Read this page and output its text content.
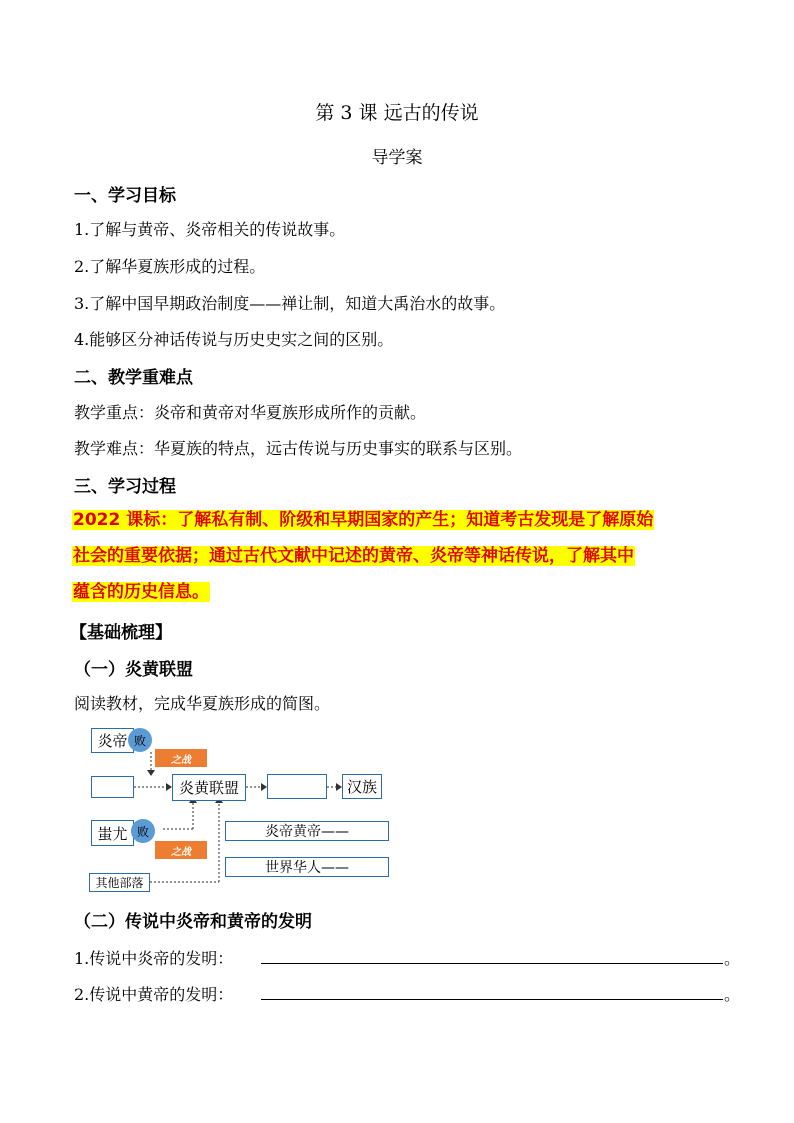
第 3 课 远古的传说
导学案
一、学习目标
1.了解与黄帝、炎帝相关的传说故事。
2.了解华夏族形成的过程。
3.了解中国早期政治制度——禅让制，知道大禹治水的故事。
4.能够区分神话传说与历史史实之间的区别。
二、教学重难点
教学重点：炎帝和黄帝对华夏族形成所作的贡献。
教学难点：华夏族的特点，远古传说与历史事实的联系与区别。
三、学习过程
2022 课标：了解私有制、阶级和早期国家的产生；知道考古发现是了解原始
社会的重要依据；通过古代文献中记述的黄帝、炎帝等神话传说，了解其中
蕴含的历史信息。
【基础梳理】
（一）炎黄联盟
阅读教材，完成华夏族形成的简图。
炎帝 败
之战
炎黄联盟	汉族
蚩尤 败
之战
炎帝黄帝——
世界华人——
其他部落
（二）传说中炎帝和黄帝的发明
1.传说中炎帝的发明：	。
2.传说中黄帝的发明：	。
